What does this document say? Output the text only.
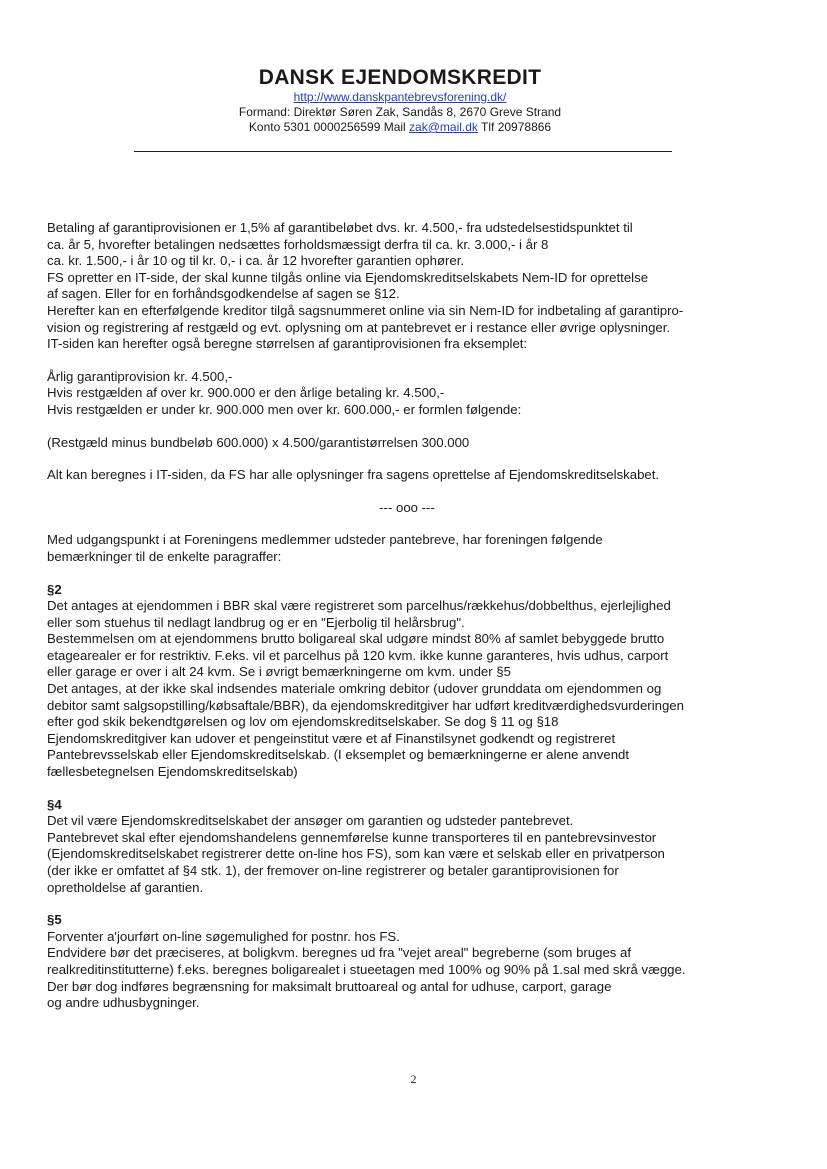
DANSK EJENDOMSKREDIT

http://www.danskpantebrevsforening.dk/

Formand: Direktør Søren Zak, Sandås 8, 2670 Greve Strand

Konto 5301 0000256599 Mail zak@mail.dk Tlf 20978866

Betaling af garantiprovisionen er 1,5% af garantibeløbet dvs. kr. 4.500,- fra udstedelsestidspunktet til

ca. år 5, hvorefter betalingen nedsættes forholdsmæssigt derfra til ca. kr. 3.000,- i år 8

ca. kr. 1.500,- i år 10 og til kr. 0,- i ca. år 12 hvorefter garantien ophører.

FS opretter en IT-side, der skal kunne tilgås online via Ejendomskreditselskabets Nem-ID for oprettelse

af sagen. Eller for en forhåndsgodkendelse af sagen se §12.

Herefter kan en efterfølgende kreditor tilgå sagsnummeret online via sin Nem-ID for indbetaling af garantipro-

vision og registrering af restgæld og evt. oplysning om at pantebrevet er i restance eller øvrige oplysninger.

IT-siden kan herefter også beregne størrelsen af garantiprovisionen fra eksemplet:

Årlig garantiprovision kr. 4.500,-

Hvis restgælden af over kr. 900.000 er den årlige betaling kr. 4.500,-

Hvis restgælden er under kr. 900.000 men over kr. 600.000,- er formlen følgende:

(Restgæld minus bundbeløb 600.000) x 4.500/garantistørrelsen 300.000

Alt kan beregnes i IT-siden, da FS har alle oplysninger fra sagens oprettelse af Ejendomskreditselskabet.

--- ooo ---

Med udgangspunkt i at Foreningens medlemmer udsteder pantebreve, har foreningen følgende

bemærkninger til de enkelte paragraffer:

§2

Det antages at ejendommen i BBR skal være registreret som parcelhus/rækkehus/dobbelthus, ejerlejlighed

eller som stuehus til nedlagt landbrug og er en "Ejerbolig til helårsbrug".

Bestemmelsen om at ejendommens brutto boligareal skal udgøre mindst 80% af samlet bebyggede brutto

etagearealer er for restriktiv. F.eks. vil et parcelhus på 120 kvm. ikke kunne garanteres, hvis udhus, carport

eller garage er over i alt 24 kvm. Se i øvrigt bemærkningerne om kvm. under §5

Det antages, at der ikke skal indsendes materiale omkring debitor (udover grunddata om ejendommen og

debitor samt salgsopstilling/købsaftale/BBR), da ejendomskreditgiver har udført kreditværdighedsvurderingen

efter god skik bekendtgørelsen og lov om ejendomskreditselskaber. Se dog § 11 og §18

Ejendomskreditgiver kan udover et pengeinstitut være et af Finanstilsynet godkendt og registreret

Pantebrevsselskab eller Ejendomskreditselskab. (I eksemplet og bemærkningerne er alene anvendt

fællesbetegnelsen Ejendomskreditselskab)

§4

Det vil være Ejendomskreditselskabet der ansøger om garantien og udsteder pantebrevet.

Pantebrevet skal efter ejendomshandelens gennemførelse kunne transporteres til en pantebrevsinvestor

(Ejendomskreditselskabet registrerer dette on-line hos FS), som kan være et selskab eller en privatperson

(der ikke er omfattet af §4 stk. 1), der fremover on-line registrerer og betaler garantiprovisionen for

opretholdelse af garantien.

§5

Forventer a'jourført on-line søgemulighed for postnr. hos FS.

Endvidere bør det præciseres, at boligkvm. beregnes ud fra "vejet areal" begreberne (som bruges af

realkreditinstitutterne) f.eks. beregnes boligarealet i stueetagen med 100% og 90% på 1.sal med skrå vægge.

Der bør dog indføres begrænsning for maksimalt bruttoareal og antal for udhuse, carport, garage

og andre udhusbygninger.

2
